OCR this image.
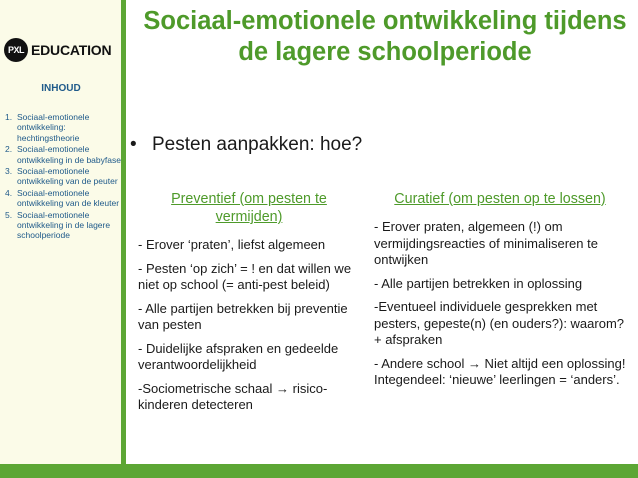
PXL EDUCATION
INHOUD
1. Sociaal-emotionele ontwikkeling: hechtingstheorie
2. Sociaal-emotionele ontwikkeling in de babyfase
3. Sociaal-emotionele ontwikkeling van de peuter
4. Sociaal-emotionele ontwikkeling van de kleuter
5. Sociaal-emotionele ontwikkeling in de lagere schoolperiode
Sociaal-emotionele ontwikkeling tijdens de lagere schoolperiode
• Pesten aanpakken: hoe?
Preventief (om pesten te vermijden)
- Erover ‘praten’, liefst algemeen
- Pesten ‘op zich’ = ! en dat willen we niet op school (= anti-pest beleid)
- Alle partijen betrekken bij preventie van pesten
- Duidelijke afspraken en gedeelde verantwoordelijkheid
-Sociometrische schaal → risico-kinderen detecteren
Curatief (om pesten op te lossen)
- Erover praten, algemeen (!) om vermijdingsreacties of minimaliseren te ontwijken
- Alle partijen betrekken in oplossing
-Eventueel individuele gesprekken met pesters, gepeste(n) (en ouders?): waarom? + afspraken
- Andere school → Niet altijd een oplossing! Integendeel: ‘nieuwe’ leerlingen = ‘anders’.
